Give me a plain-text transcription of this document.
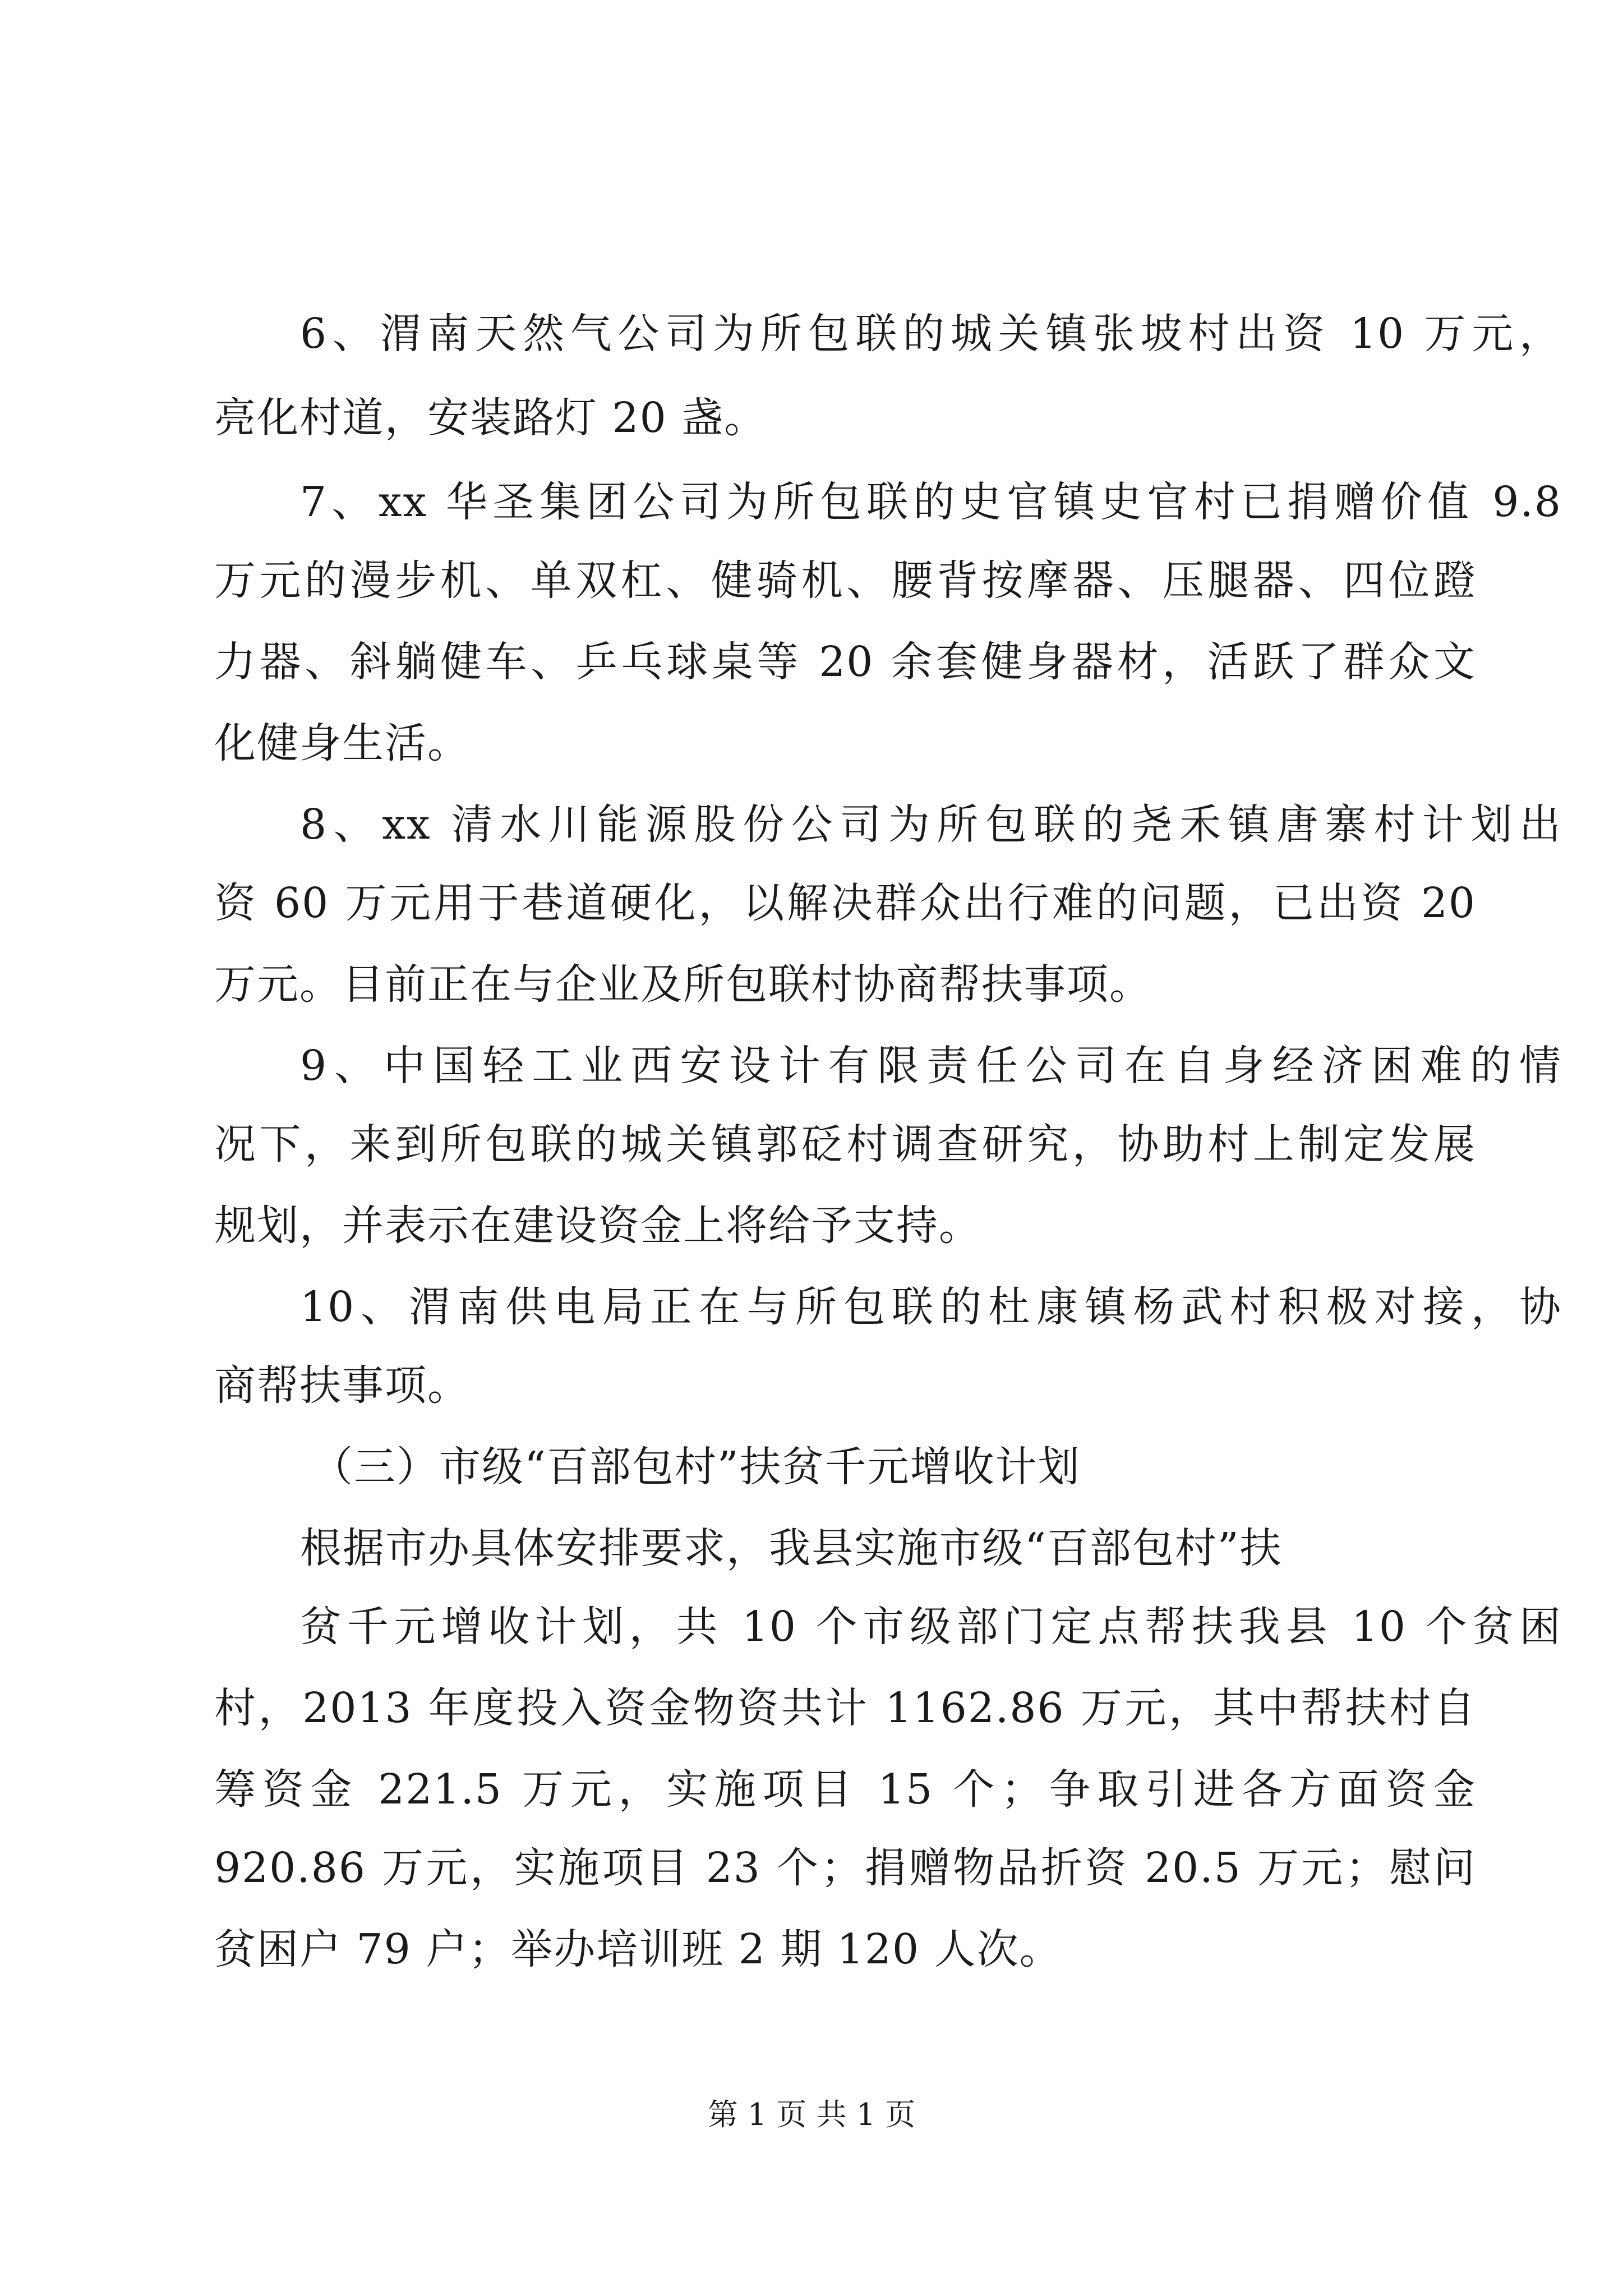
6、渭南天然气公司为所包联的城关镇张坡村出资 10 万元，
亮化村道，安装路灯 20 盏。
7、xx 华圣集团公司为所包联的史官镇史官村已捐赠价值 9.8
万元的漫步机、单双杠、健骑机、腰背按摩器、压腿器、四位蹬
力器、斜躺健车、乒乓球桌等 20 余套健身器材，活跃了群众文
化健身生活。
8、xx 清水川能源股份公司为所包联的尧禾镇唐寨村计划出
资 60 万元用于巷道硬化，以解决群众出行难的问题，已出资 20
万元。目前正在与企业及所包联村协商帮扶事项。
9、中国轻工业西安设计有限责任公司在自身经济困难的情
况下，来到所包联的城关镇郭砭村调查研究，协助村上制定发展
规划，并表示在建设资金上将给予支持。
10、渭南供电局正在与所包联的杜康镇杨武村积极对接，协
商帮扶事项。
（三）市级“百部包村”扶贫千元增收计划
根据市办具体安排要求，我县实施市级“百部包村”扶
贫千元增收计划，共 10 个市级部门定点帮扶我县 10 个贫困
村，2013 年度投入资金物资共计 1162.86 万元，其中帮扶村自
筹资金 221.5 万元，实施项目 15 个；争取引进各方面资金
920.86 万元，实施项目 23 个；捐赠物品折资 20.5 万元；慰问
贫困户 79 户；举办培训班 2 期 120 人次。
第 1 页 共 1 页
